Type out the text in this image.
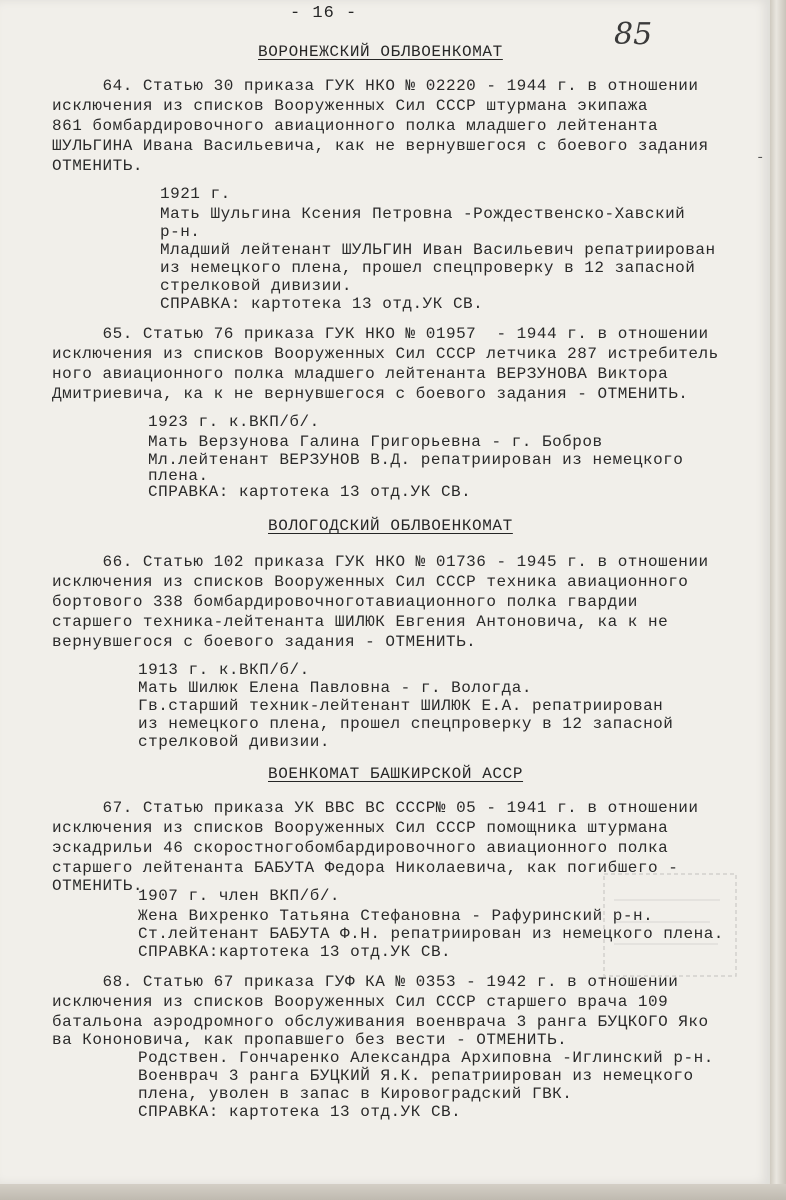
- 16 -
85
-
ВОРОНЕЖСКИЙ ОБЛВОЕНКОМАТ
64. Статью 30 приказа ГУК НКО № 02220 - 1944 г. в отношении
исключения из списков Вооруженных Сил СССР штурмана экипажа
861 бомбардировочного авиационного полка младшего лейтенанта
ШУЛЬГИНА Ивана Васильевича, как не вернувшегося с боевого задания
ОТМЕНИТЬ.
1921 г.
Мать Шульгина Ксения Петровна -Рождественско-Хавский
р-н.
Младший лейтенант ШУЛЬГИН Иван Васильевич репатриирован
из немецкого плена, прошел спецпроверку в 12 запасной
стрелковой дивизии.
СПРАВКА: картотека 13 отд.УК СВ.
65. Статью 76 приказа ГУК НКО № 01957  - 1944 г. в отношении
исключения из списков Вооруженных Сил СССР летчика 287 истребитель
ного авиационного полка младшего лейтенанта ВЕРЗУНОВА Виктора
Дмитриевича, ка к не вернувшегося с боевого задания - ОТМЕНИТЬ.
1923 г. к.ВКП/б/.
Мать Верзунова Галина Григорьевна - г. Бобров
Мл.лейтенант ВЕРЗУНОВ В.Д. репатриирован из немецкого
плена.
СПРАВКА: картотека 13 отд.УК СВ.
ВОЛОГОДСКИЙ ОБЛВОЕНКОМАТ
66. Статью 102 приказа ГУК НКО № 01736 - 1945 г. в отношении
исключения из списков Вооруженных Сил СССР техника авиационного
бортового 338 бомбардировочноготавиационного полка гвардии
старшего техника-лейтенанта ШИЛЮК Евгения Антоновича, ка к не
вернувшегося с боевого задания - ОТМЕНИТЬ.
1913 г. к.ВКП/б/.
Мать Шилюк Елена Павловна - г. Вологда.
Гв.старший техник-лейтенант ШИЛЮК Е.А. репатриирован
из немецкого плена, прошел спецпроверку в 12 запасной
стрелковой дивизии.
ВОЕНКОМАТ БАШКИРСКОЙ АССР
67. Статью приказа УК ВВС ВС СССР№ 05 - 1941 г. в отношении
исключения из списков Вооруженных Сил СССР помощника штурмана
эскадрильи 46 скоростногобомбардировочного авиационного полка
старшего лейтенанта БАБУТА Федора Николаевича, как погибшего -
ОТМЕНИТЬ.
1907 г. член ВКП/б/.
Жена Вихренко Татьяна Стефановна - Рафуринский р-н.
Ст.лейтенант БАБУТА Ф.Н. репатриирован из немецкого плена.
СПРАВКА:картотека 13 отд.УК СВ.
68. Статью 67 приказа ГУФ КА № 0353 - 1942 г. в отношении
исключения из списков Вооруженных Сил СССР старшего врача 109
батальона аэродромного обслуживания военврача 3 ранга БУЦКОГО Яко
ва Кононовича, как пропавшего без вести - ОТМЕНИТЬ.
Родствен. Гончаренко Александра Архиповна -Иглинский р-н.
Военврач 3 ранга БУЦКИЙ Я.К. репатриирован из немецкого
плена, уволен в запас в Кировоградский ГВК.
СПРАВКА: картотека 13 отд.УК СВ.
